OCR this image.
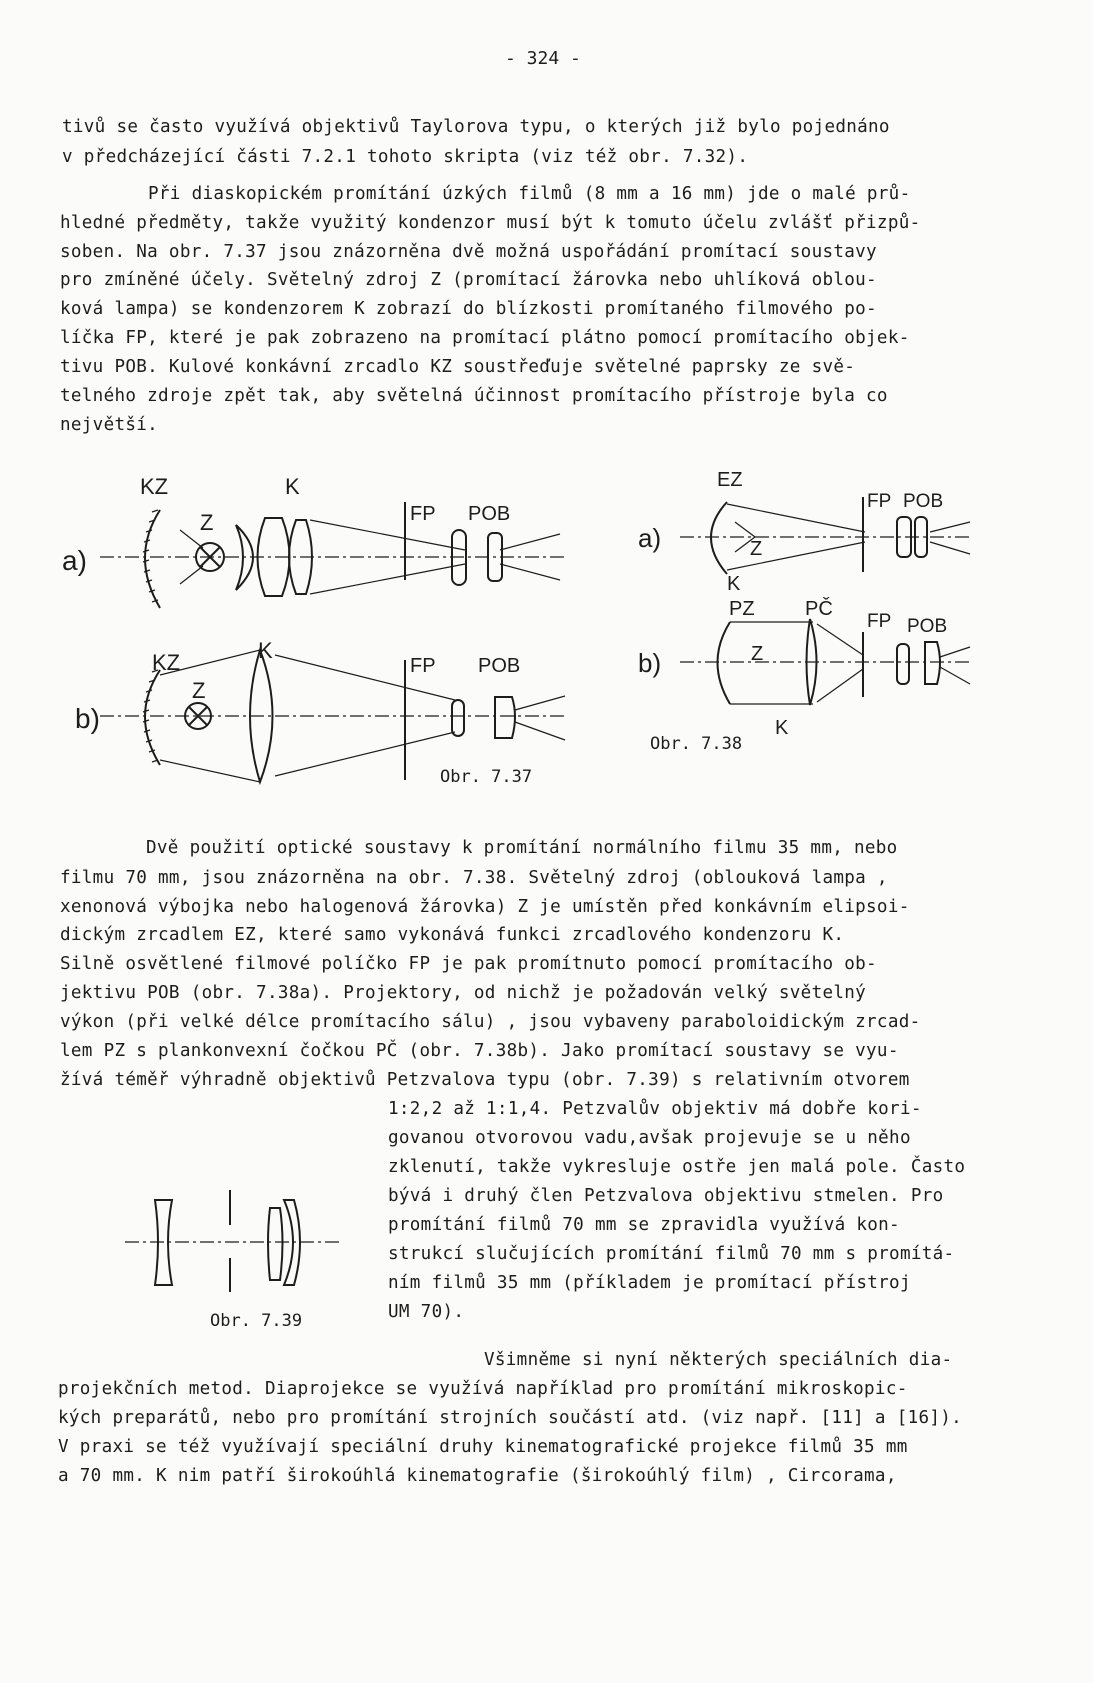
- 324 -
tivů se často využívá objektivů Taylorova typu, o kterých již bylo pojednáno
v předcházející části 7.2.1 tohoto skripta (viz též obr. 7.32).
Při diaskopickém promítání úzkých filmů (8 mm a 16 mm) jde o malé prů-
hledné předměty, takže využitý kondenzor musí být k tomuto účelu zvlášť přizpů-
soben. Na obr. 7.37 jsou znázorněna dvě možná uspořádání promítací soustavy
pro zmíněné účely. Světelný zdroj Z (promítací žárovka nebo uhlíková oblou-
ková lampa) se kondenzorem K zobrazí do blízkosti promítaného filmového po-
líčka FP, které je pak zobrazeno na promítací plátno pomocí promítacího objek-
tivu POB. Kulové konkávní zrcadlo KZ soustřeďuje světelné paprsky ze svě-
telného zdroje zpět tak, aby světelná účinnost promítacího přístroje byla co
největší.
KZ	K
Z	FP POB
a)
KZ	K
Z
FP POB
b)
Obr. 7.37
EZ
FP POB
a)	Z
K
PZ	PČ
FP POB
b)	Z
K
Obr. 7.38
Dvě použití optické soustavy k promítání normálního filmu 35 mm, nebo
filmu 70 mm, jsou znázorněna na obr. 7.38. Světelný zdroj (oblouková lampa ,
xenonová výbojka nebo halogenová žárovka) Z je umístěn před konkávním elipsoi-
dickým zrcadlem EZ, které samo vykonává funkci zrcadlového kondenzoru K.
Silně osvětlené filmové políčko FP je pak promítnuto pomocí promítacího ob-
jektivu POB (obr. 7.38a). Projektory, od nichž je požadován velký světelný
výkon (při velké délce promítacího sálu) , jsou vybaveny paraboloidickým zrcad-
lem PZ s plankonvexní čočkou PČ (obr. 7.38b). Jako promítací soustavy se vyu-
žívá téměř výhradně objektivů Petzvalova typu (obr. 7.39) s relativním otvorem
1:2,2 až 1:1,4. Petzvalův objektiv má dobře kori-
govanou otvorovou vadu,avšak projevuje se u něho
zklenutí, takže vykresluje ostře jen malá pole. Často
bývá i druhý člen Petzvalova objektivu stmelen. Pro
promítání filmů 70 mm se zpravidla využívá kon-
strukcí slučujících promítání filmů 70 mm s promítá-
ním filmů 35 mm (příkladem je promítací přístroj
UM 70).
Obr. 7.39
Všimněme si nyní některých speciálních dia-
projekčních metod. Diaprojekce se využívá například pro promítání mikroskopic-
kých preparátů, nebo pro promítání strojních součástí atd. (viz např. [11] a [16]).
V praxi se též využívají speciální druhy kinematografické projekce filmů 35 mm
a 70 mm. K nim patří širokoúhlá kinematografie (širokoúhlý film) , Circorama,
